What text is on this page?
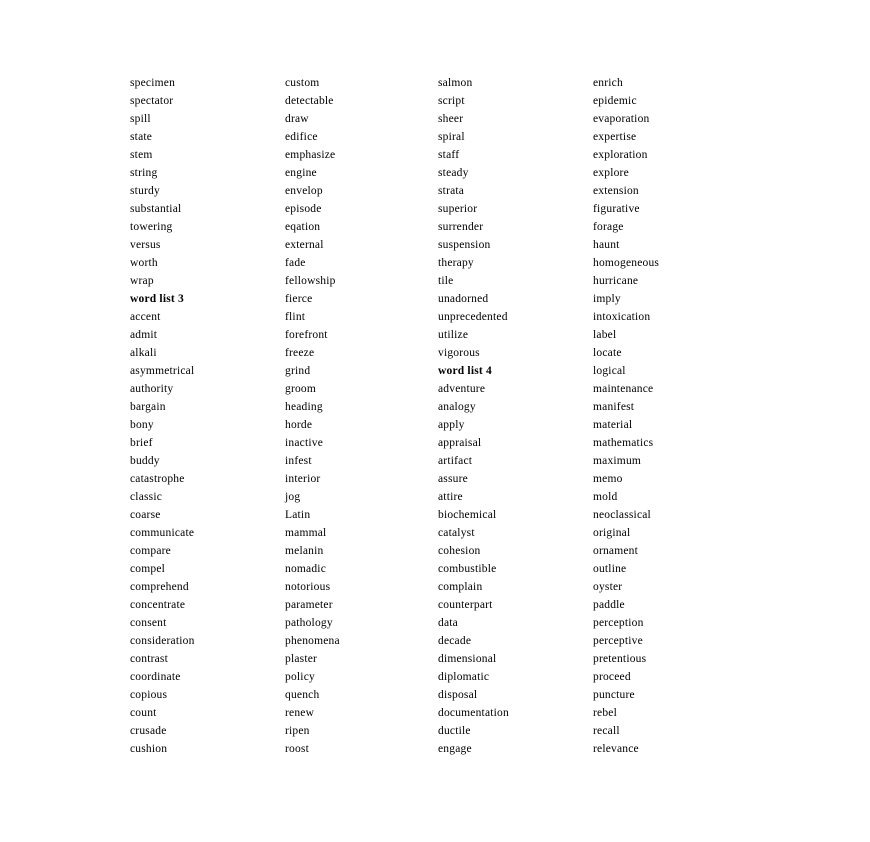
specimen
spectator
spill
state
stem
string
sturdy
substantial
towering
versus
worth
wrap
word list 3
accent
admit
alkali
asymmetrical
authority
bargain
bony
brief
buddy
catastrophe
classic
coarse
communicate
compare
compel
comprehend
concentrate
consent
consideration
contrast
coordinate
copious
count
crusade
cushion
custom
detectable
draw
edifice
emphasize
engine
envelop
episode
eqation
external
fade
fellowship
fierce
flint
forefront
freeze
grind
groom
heading
horde
inactive
infest
interior
jog
Latin
mammal
melanin
nomadic
notorious
parameter
pathology
phenomena
plaster
policy
quench
renew
ripen
roost
salmon
script
sheer
spiral
staff
steady
strata
superior
surrender
suspension
therapy
tile
unadorned
unprecedented
utilize
vigorous
word list 4
adventure
analogy
apply
appraisal
artifact
assure
attire
biochemical
catalyst
cohesion
combustible
complain
counterpart
data
decade
dimensional
diplomatic
disposal
documentation
ductile
engage
enrich
epidemic
evaporation
expertise
exploration
explore
extension
figurative
forage
haunt
homogeneous
hurricane
imply
intoxication
label
locate
logical
maintenance
manifest
material
mathematics
maximum
memo
mold
neoclassical
original
ornament
outline
oyster
paddle
perception
perceptive
pretentious
proceed
puncture
rebel
recall
relevance
